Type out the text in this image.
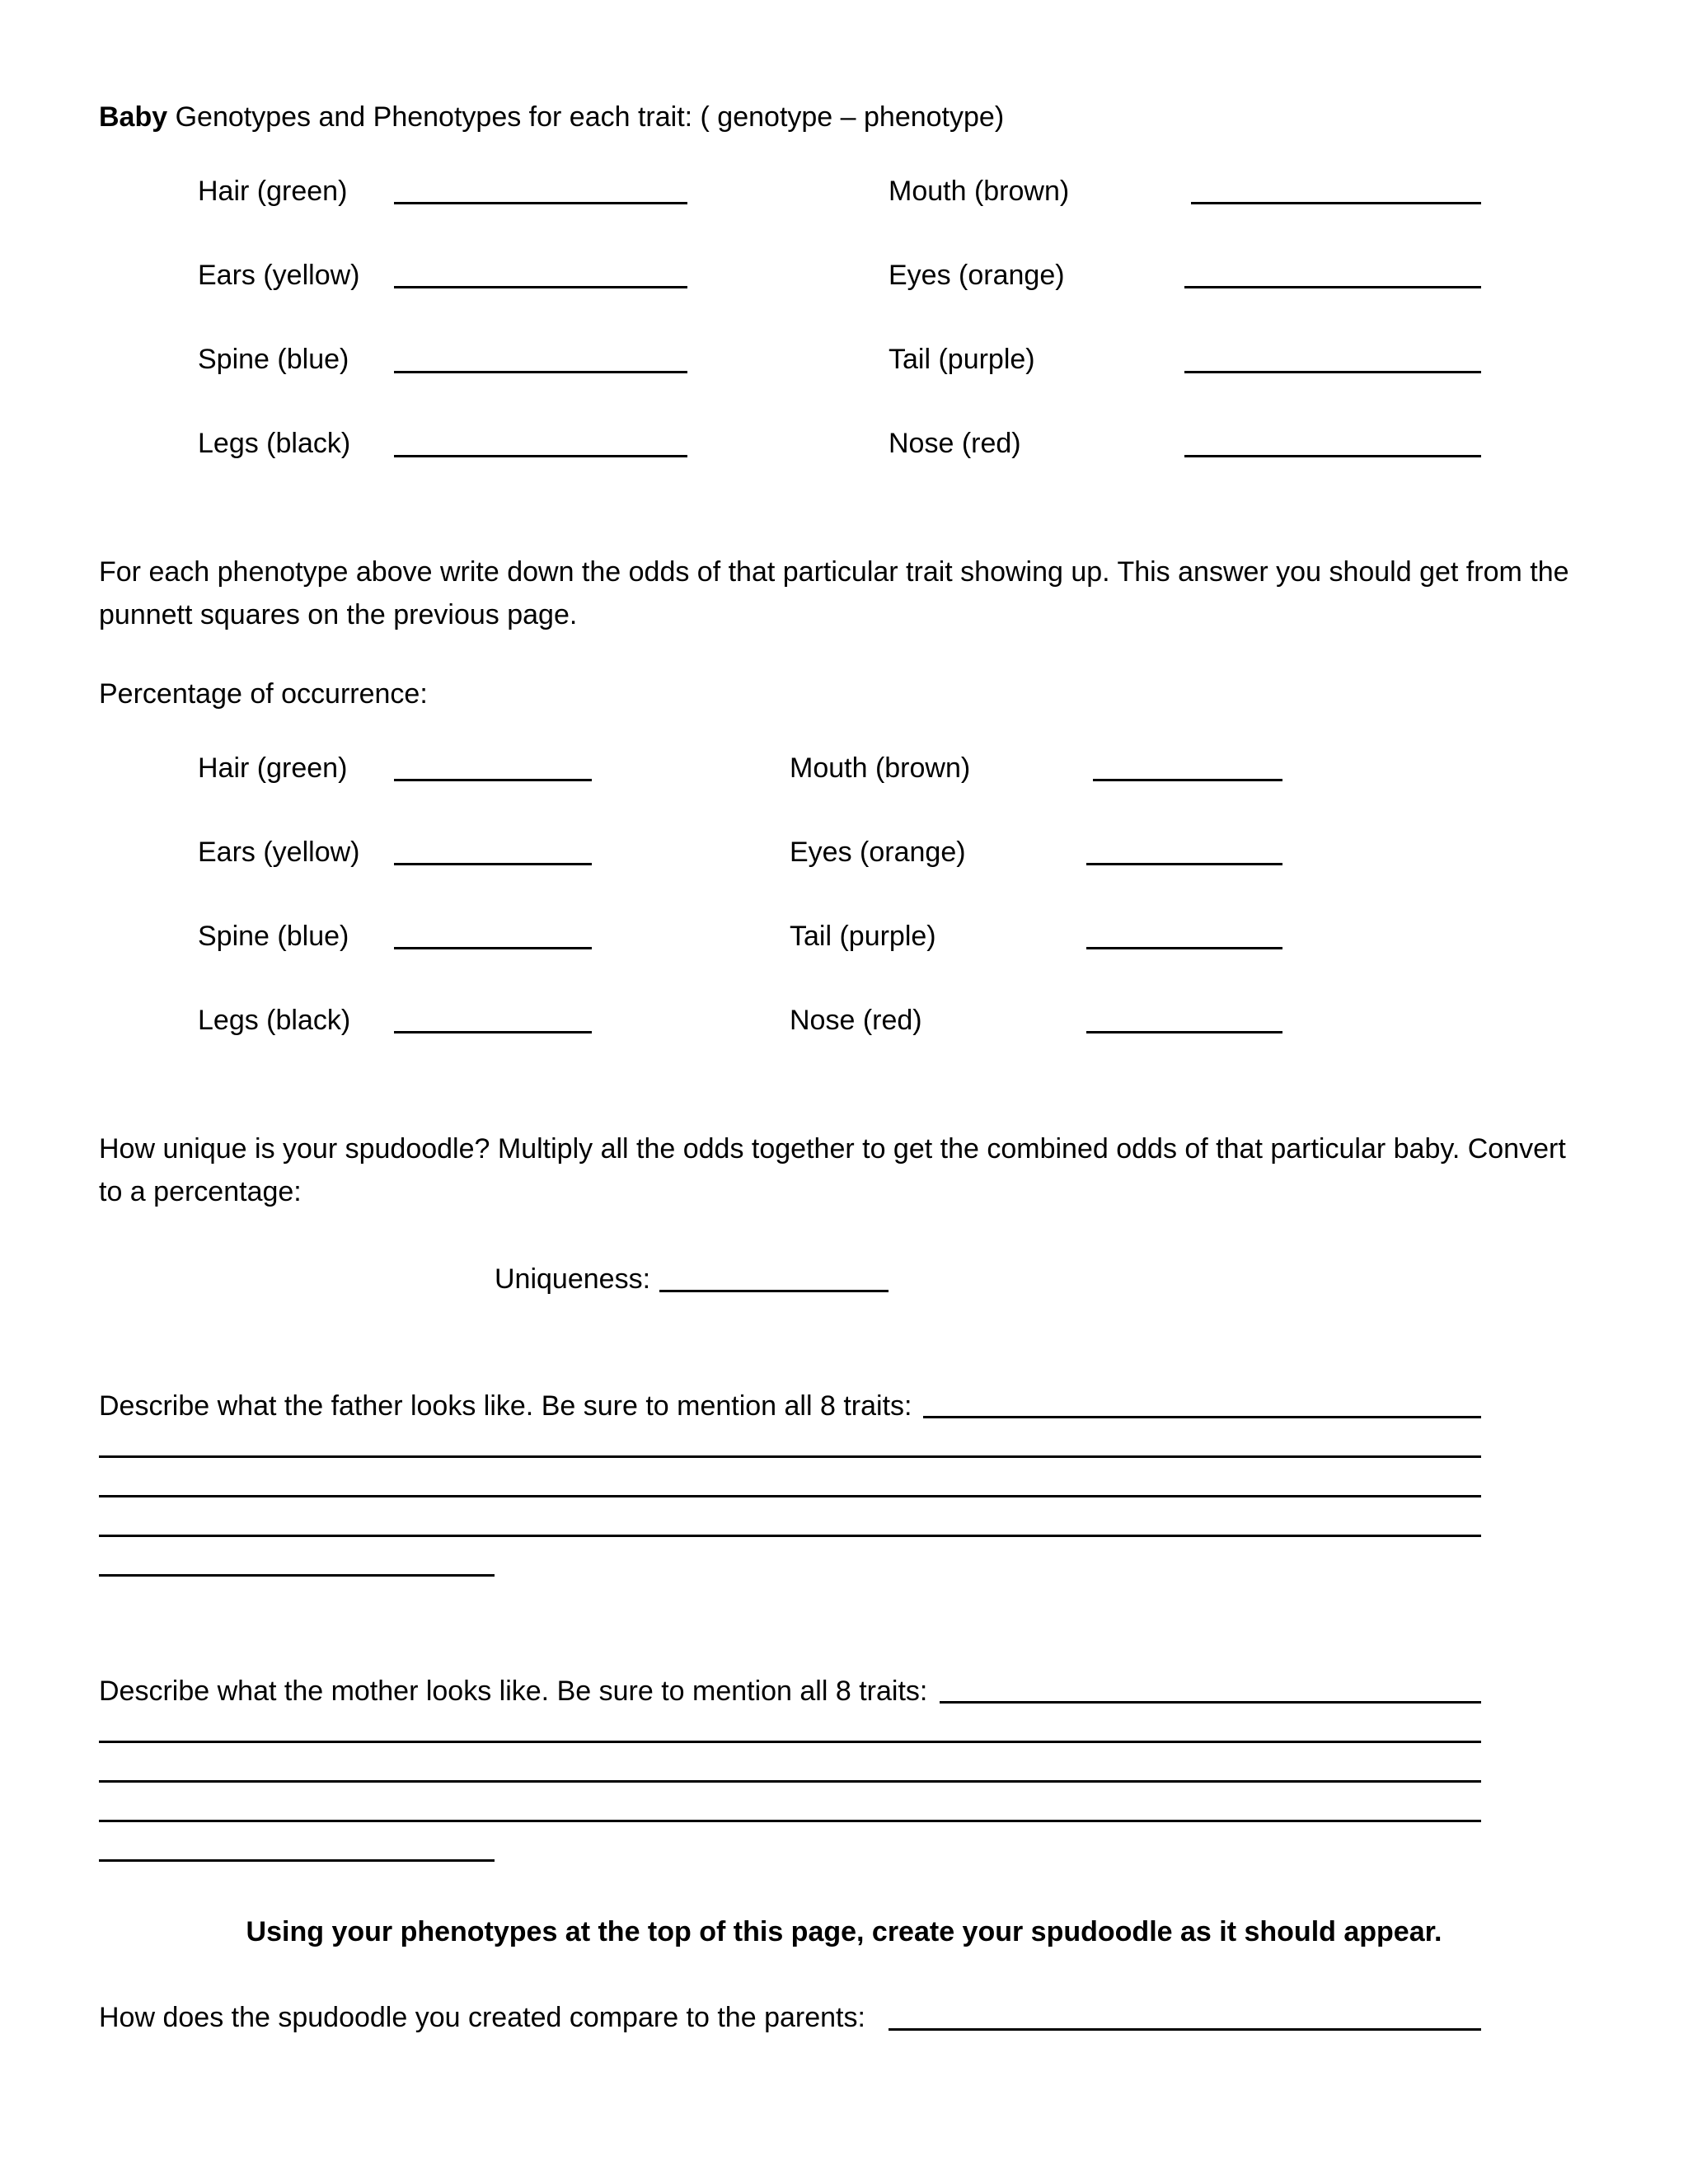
Baby Genotypes and Phenotypes for each trait: ( genotype – phenotype)
Hair (green)	Mouth (brown)
Ears (yellow)	Eyes (orange)
Spine (blue)	Tail (purple)
Legs (black)	Nose (red)
For each phenotype above write down the odds of that particular trait showing up. This answer you should get from the punnett squares on the previous page.
Percentage of occurrence:
Hair (green)	Mouth (brown)
Ears (yellow)	Eyes (orange)
Spine (blue)	Tail (purple)
Legs (black)	Nose (red)
How unique is your spudoodle? Multiply all the odds together to get the combined odds of that particular baby. Convert to a percentage:
Uniqueness:
Describe what the father looks like. Be sure to mention all 8 traits:
Describe what the mother looks like. Be sure to mention all 8 traits:
Using your phenotypes at the top of this page, create your spudoodle as it should appear.
How does the spudoodle you created compare to the parents:
